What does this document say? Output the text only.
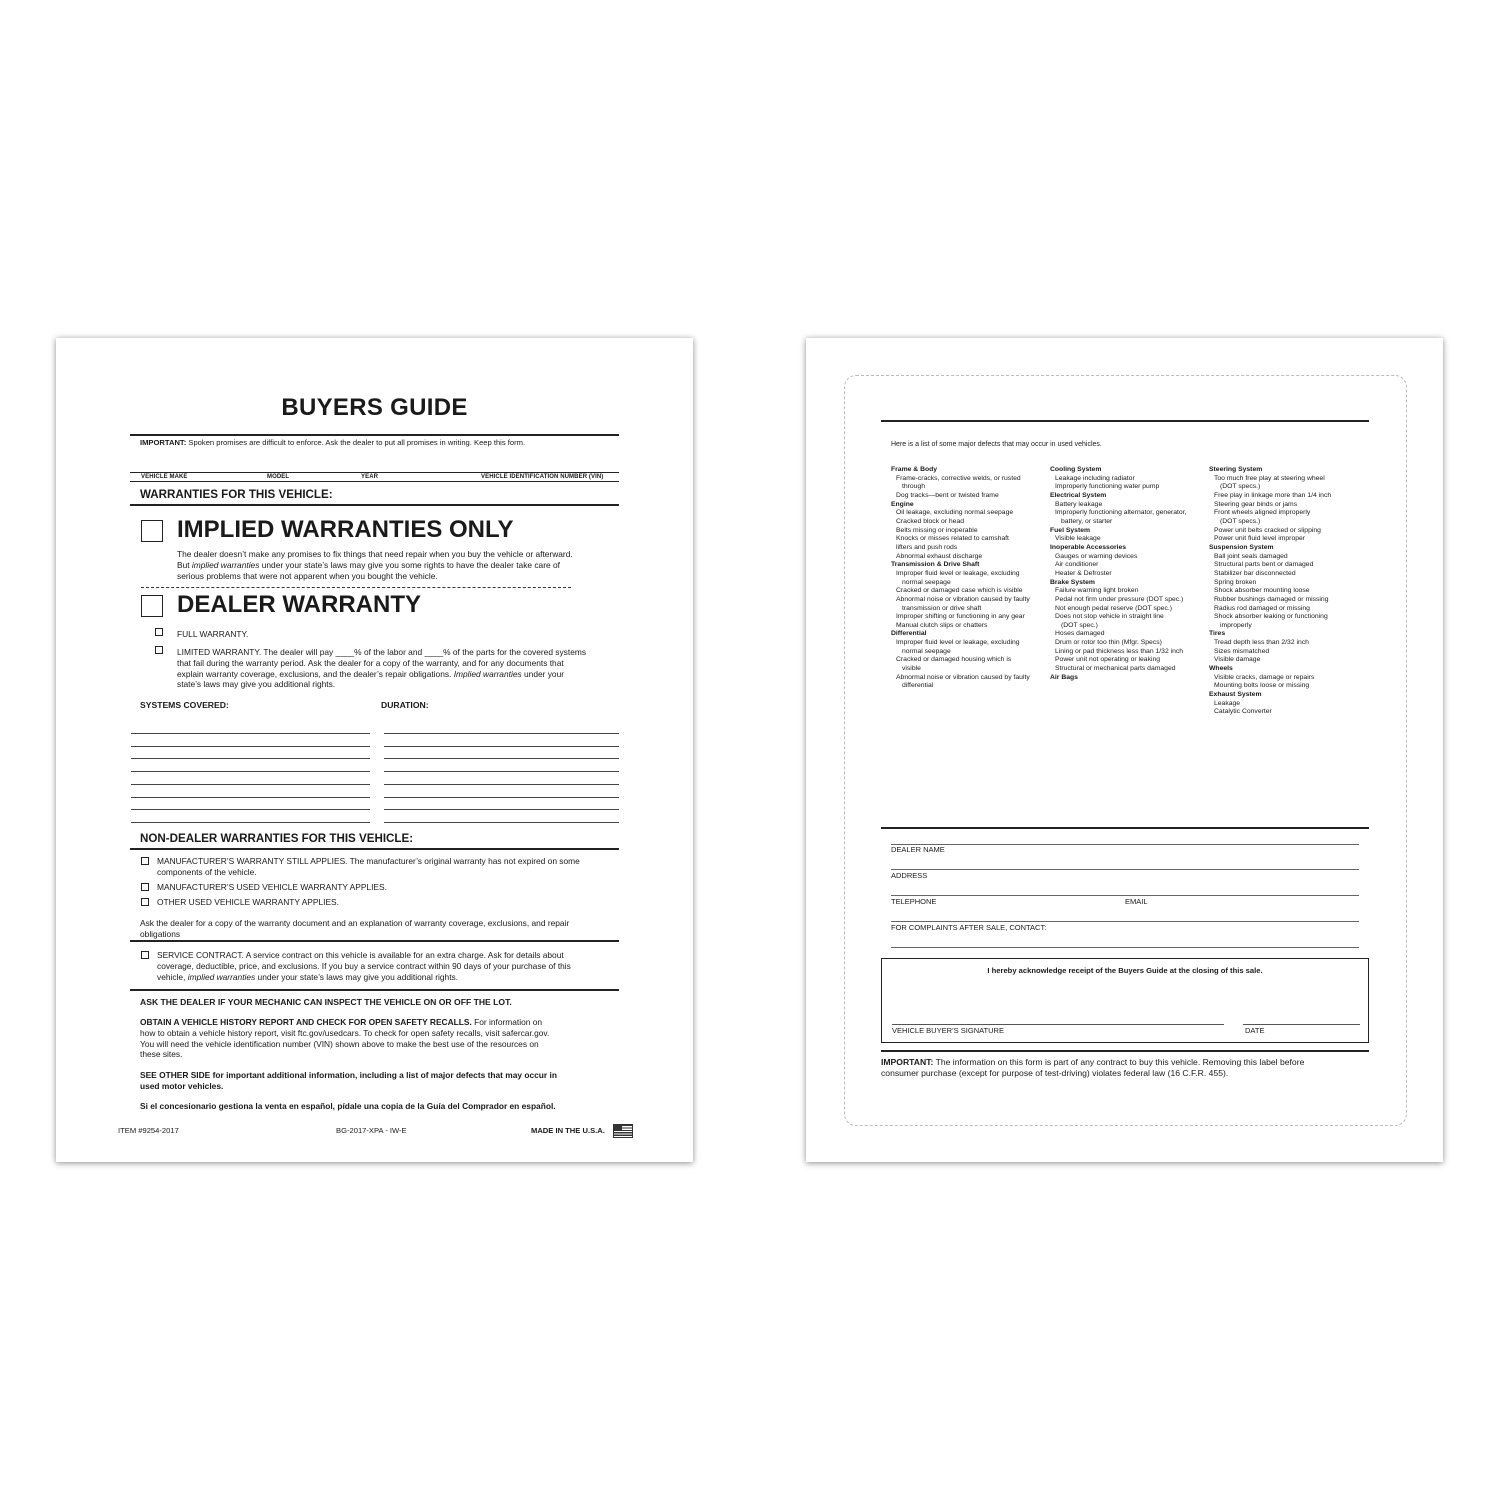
BUYERS GUIDE
IMPORTANT: Spoken promises are difficult to enforce. Ask the dealer to put all promises in writing. Keep this form.
VEHICLE MAKE	MODEL	YEAR	VEHICLE IDENTIFICATION NUMBER (VIN)
WARRANTIES FOR THIS VEHICLE:
IMPLIED WARRANTIES ONLY
The dealer doesn’t make any promises to fix things that need repair when you buy the vehicle or afterward.
But implied warranties under your state’s laws may give you some rights to have the dealer take care of
serious problems that were not apparent when you bought the vehicle.
DEALER WARRANTY
FULL WARRANTY.
LIMITED WARRANTY. The dealer will pay ____% of the labor and ____% of the parts for the covered systems
that fail during the warranty period. Ask the dealer for a copy of the warranty, and for any documents that
explain warranty coverage, exclusions, and the dealer’s repair obligations. Implied warranties under your
state’s laws may give you additional rights.
SYSTEMS COVERED:	DURATION:
NON-DEALER WARRANTIES FOR THIS VEHICLE:
MANUFACTURER’S WARRANTY STILL APPLIES. The manufacturer’s original warranty has not expired on some
components of the vehicle.
MANUFACTURER’S USED VEHICLE WARRANTY APPLIES.
OTHER USED VEHICLE WARRANTY APPLIES.
Ask the dealer for a copy of the warranty document and an explanation of warranty coverage, exclusions, and repair
obligations
SERVICE CONTRACT. A service contract on this vehicle is available for an extra charge. Ask for details about
coverage, deductible, price, and exclusions. If you buy a service contract within 90 days of your purchase of this
vehicle, implied warranties under your state’s laws may give you additional rights.
ASK THE DEALER IF YOUR MECHANIC CAN INSPECT THE VEHICLE ON OR OFF THE LOT.
OBTAIN A VEHICLE HISTORY REPORT AND CHECK FOR OPEN SAFETY RECALLS. For information on
how to obtain a vehicle history report, visit ftc.gov/usedcars. To check for open safety recalls, visit safercar.gov.
You will need the vehicle identification number (VIN) shown above to make the best use of the resources on
these sites.
SEE OTHER SIDE for important additional information, including a list of major defects that may occur in
used motor vehicles.
Si el concesionario gestiona la venta en español, pídale una copia de la Guía del Comprador en español.
ITEM #9254-2017	BG-2017-XPA - IW-E	MADE IN THE U.S.A.
Here is a list of some major defects that may occur in used vehicles.
Frame & Body
Frame-cracks, corrective welds, or rusted
through
Dog tracks—bent or twisted frame
Engine
Oil leakage, excluding normal seepage
Cracked block or head
Belts missing or inoperable
Knocks or misses related to camshaft
lifters and push rods
Abnormal exhaust discharge
Transmission & Drive Shaft
Improper fluid level or leakage, excluding
normal seepage
Cracked or damaged case which is visible
Abnormal noise or vibration caused by faulty
transmission or drive shaft
Improper shifting or functioning in any gear
Manual clutch slips or chatters
Differential
Improper fluid level or leakage, excluding
normal seepage
Cracked or damaged housing which is
visible
Abnormal noise or vibration caused by faulty
differential
Cooling System
Leakage including radiator
Improperly functioning water pump
Electrical System
Battery leakage
Improperly functioning alternator, generator,
battery, or starter
Fuel System
Visible leakage
Inoperable Accessories
Gauges or warning devices
Air conditioner
Heater & Defroster
Brake System
Failure warning light broken
Pedal not firm under pressure (DOT spec.)
Not enough pedal reserve (DOT spec.)
Does not stop vehicle in straight line
(DOT spec.)
Hoses damaged
Drum or rotor too thin (Mfgr. Specs)
Lining or pad thickness less than 1/32 inch
Power unit not operating or leaking
Structural or mechanical parts damaged
Air Bags
Steering System
Too much free play at steering wheel
(DOT specs.)
Free play in linkage more than 1/4 inch
Steering gear binds or jams
Front wheels aligned improperly
(DOT specs.)
Power unit belts cracked or slipping
Power unit fluid level improper
Suspension System
Ball joint seals damaged
Structural parts bent or damaged
Stabilizer bar disconnected
Spring broken
Shock absorber mounting loose
Rubber bushings damaged or missing
Radius rod damaged or missing
Shock absorber leaking or functioning
improperly
Tires
Tread depth less than 2/32 inch
Sizes mismatched
Visible damage
Wheels
Visible cracks, damage or repairs
Mounting bolts loose or missing
Exhaust System
Leakage
Catalytic Converter
DEALER NAME
ADDRESS
TELEPHONE	EMAIL
FOR COMPLAINTS AFTER SALE, CONTACT:
I hereby acknowledge receipt of the Buyers Guide at the closing of this sale.
VEHICLE BUYER’S SIGNATURE	DATE
IMPORTANT: The information on this form is part of any contract to buy this vehicle. Removing this label before
consumer purchase (except for purpose of test-driving) violates federal law (16 C.F.R. 455).
